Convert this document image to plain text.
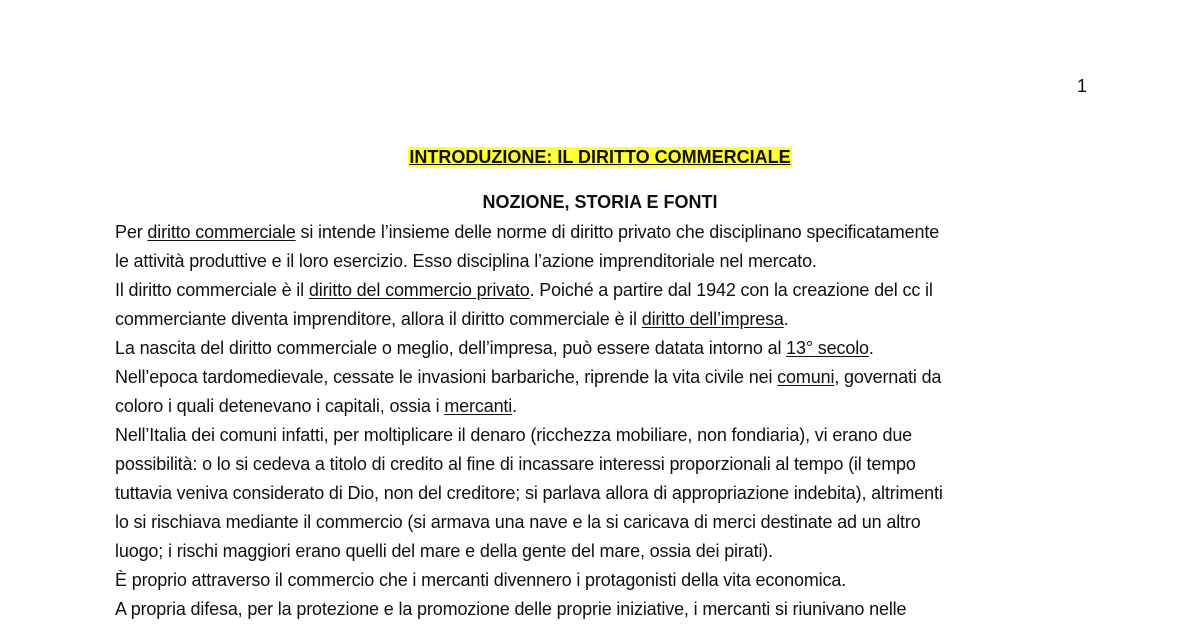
1
INTRODUZIONE: IL DIRITTO COMMERCIALE
NOZIONE, STORIA E FONTI
Per diritto commerciale si intende l’insieme delle norme di diritto privato che disciplinano specificatamente
le attività produttive e il loro esercizio. Esso disciplina l’azione imprenditoriale nel mercato.
Il diritto commerciale è il diritto del commercio privato. Poiché a partire dal 1942 con la creazione del cc il
commerciante diventa imprenditore, allora il diritto commerciale è il diritto dell’impresa.
La nascita del diritto commerciale o meglio, dell’impresa, può essere datata intorno al 13° secolo.
Nell’epoca tardomedievale, cessate le invasioni barbariche, riprende la vita civile nei comuni, governati da
coloro i quali detenevano i capitali, ossia i mercanti.
Nell’Italia dei comuni infatti, per moltiplicare il denaro (ricchezza mobiliare, non fondiaria), vi erano due
possibilità: o lo si cedeva a titolo di credito al fine di incassare interessi proporzionali al tempo (il tempo
tuttavia veniva considerato di Dio, non del creditore; si parlava allora di appropriazione indebita), altrimenti
lo si rischiava mediante il commercio (si armava una nave e la si caricava di merci destinate ad un altro
luogo; i rischi maggiori erano quelli del mare e della gente del mare, ossia dei pirati).
È proprio attraverso il commercio che i mercanti divennero i protagonisti della vita economica.
A propria difesa, per la protezione e la promozione delle proprie iniziative, i mercanti si riunivano nelle
